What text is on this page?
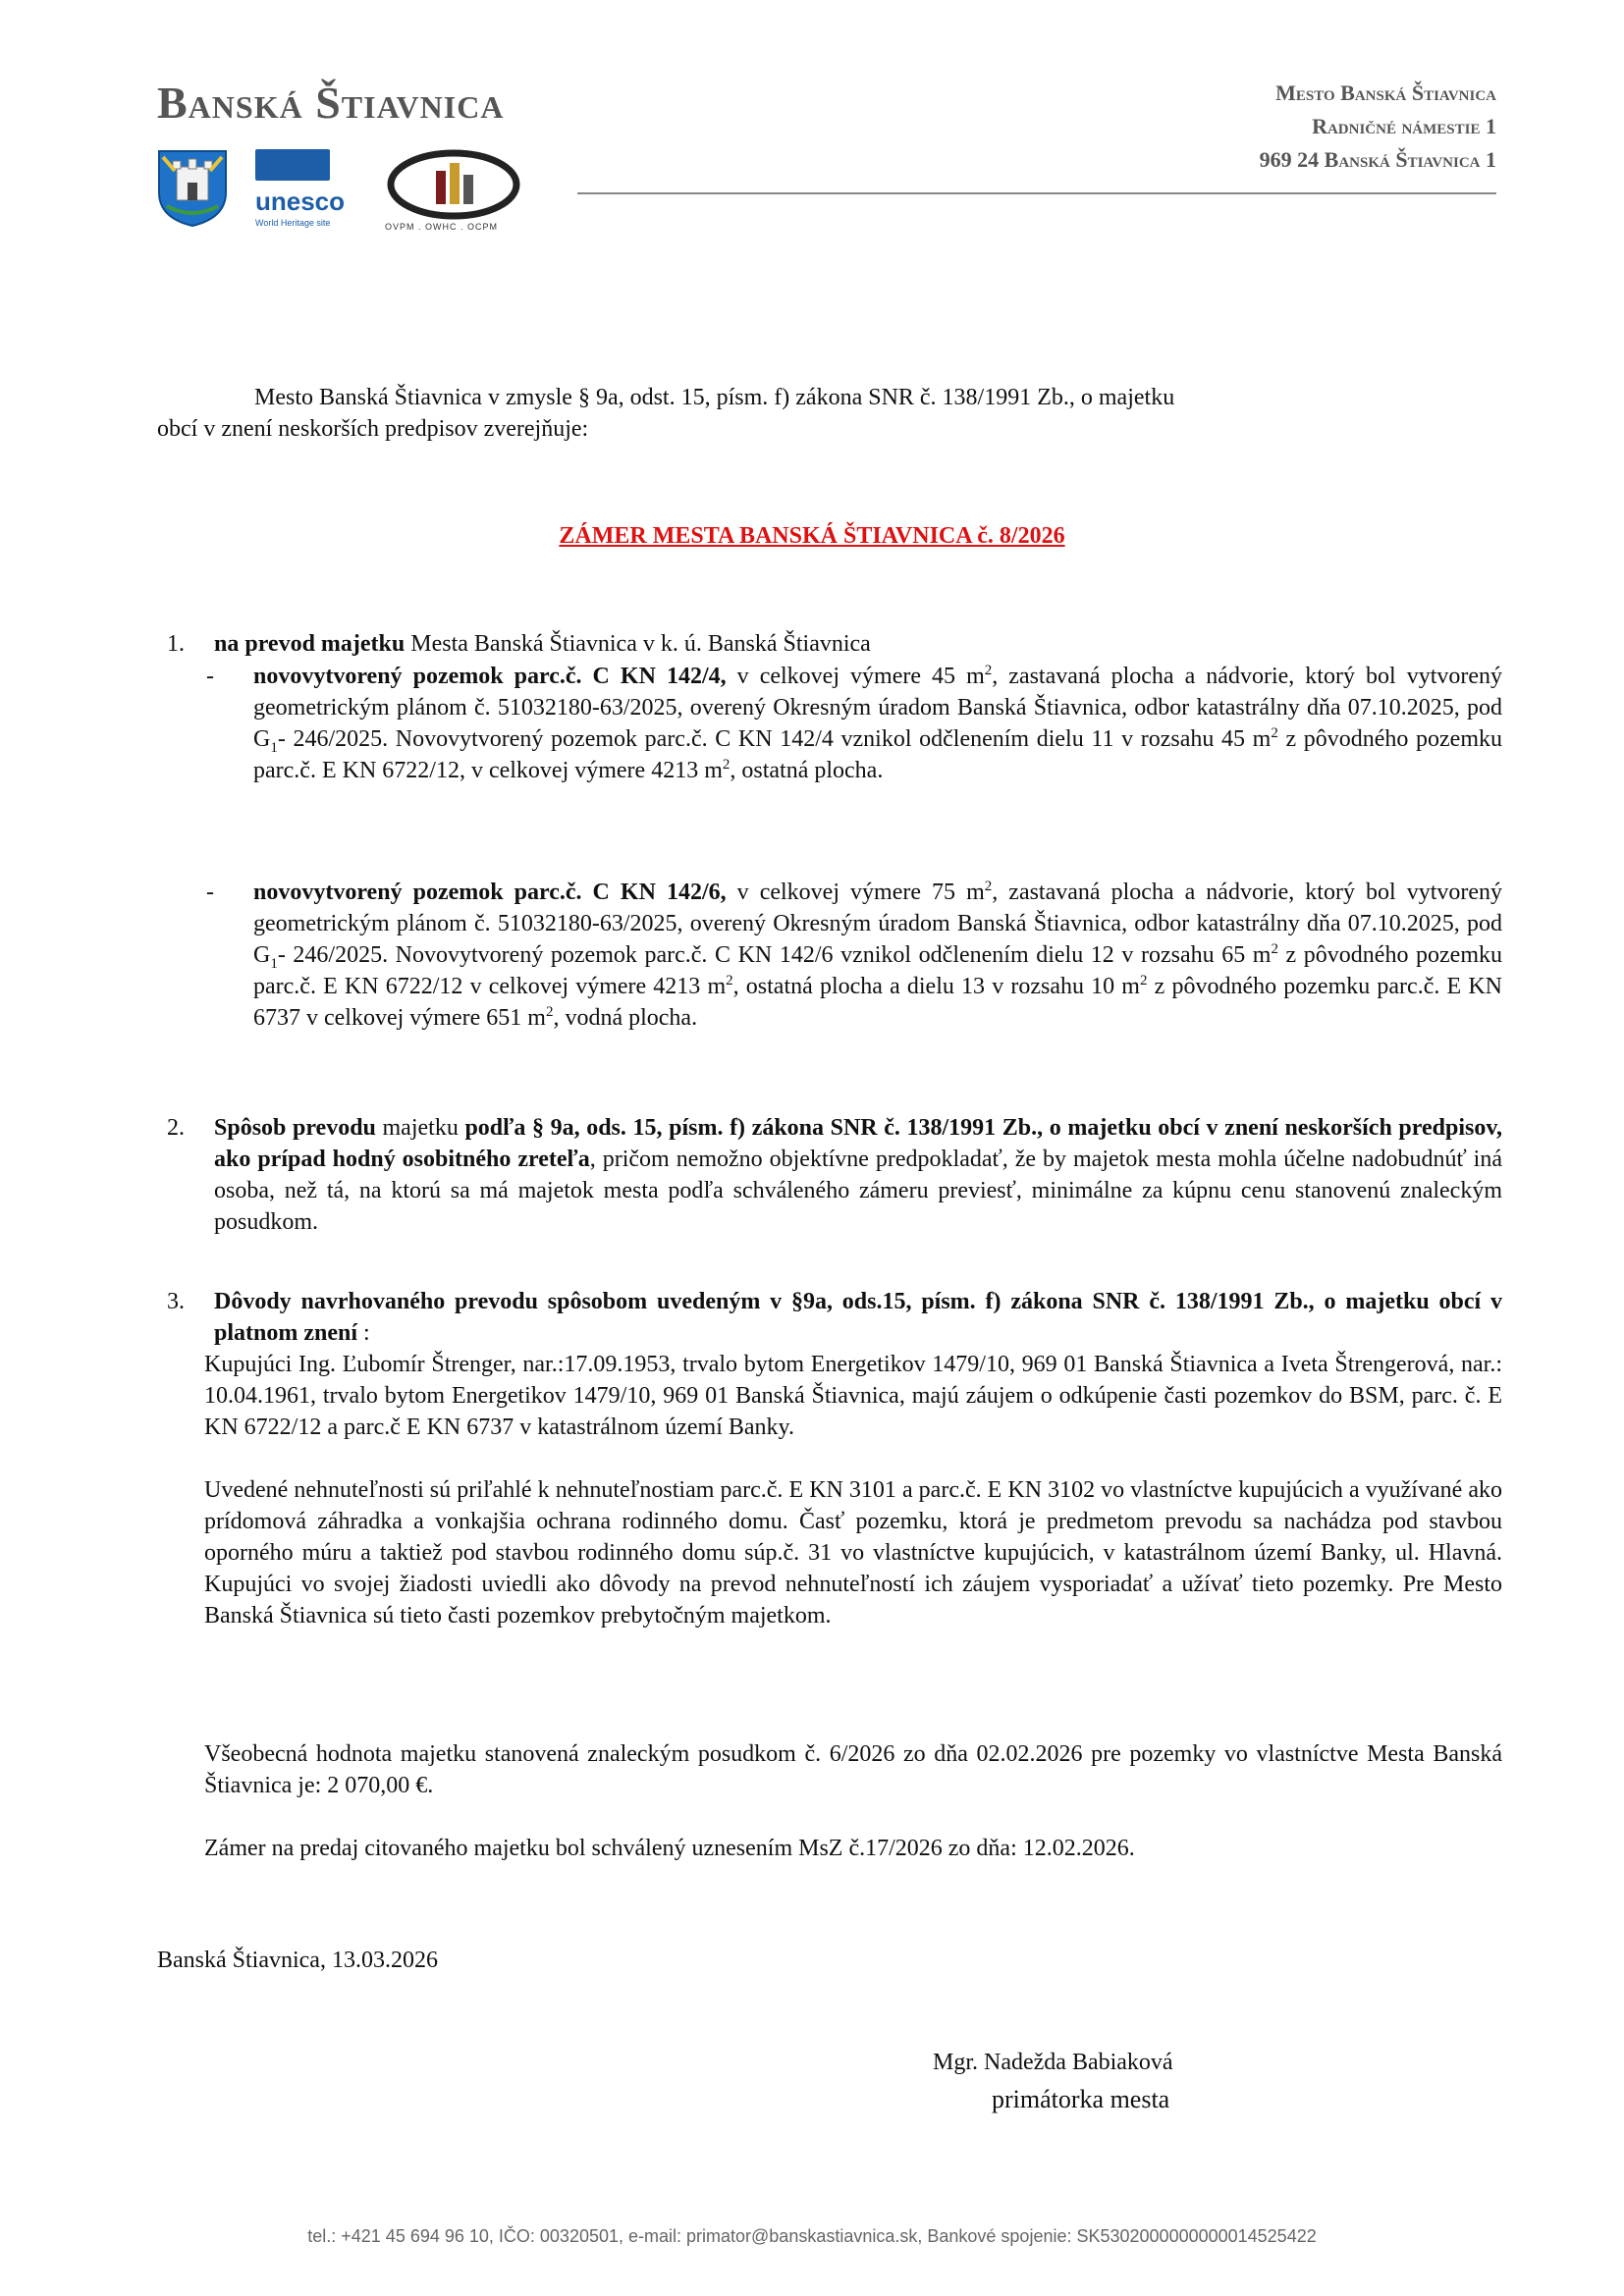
Banská Štiavnica
unesco
World Heritage site	OVPM . OWHC . OCPM
Mesto Banská Štiavnica
Radničné námestie 1
969 24 Banská Štiavnica 1
Mesto Banská Štiavnica v zmysle § 9a, odst. 15, písm. f) zákona SNR č. 138/1991 Zb., o majetku
obcí v znení neskorších predpisov zverejňuje:
ZÁMER MESTA BANSKÁ ŠTIAVNICA č. 8/2026
1. na prevod majetku Mesta Banská Štiavnica v k. ú. Banská Štiavnica
- novovytvorený pozemok parc.č. C KN 142/4, v celkovej výmere 45 $m^2$, zastavaná plocha a nádvorie, ktorý bol vytvorený geometrickým plánom č. 51032180-63/2025, overený Okresným úradom Banská Štiavnica, odbor katastrálny dňa 07.10.2025, pod $G_1-$ 246/2025. Novovytvorený pozemok parc.č. C KN 142/4 vznikol odčlenením dielu 11 v rozsahu 45 $m^2$ z pôvodného pozemku parc.č. E KN 6722/12, v celkovej výmere 4213 $m^2$, ostatná plocha.
- novovytvorený pozemok parc.č. C KN 142/6, v celkovej výmere 75 $m^2$, zastavaná plocha a nádvorie, ktorý bol vytvorený geometrickým plánom č. 51032180-63/2025, overený Okresným úradom Banská Štiavnica, odbor katastrálny dňa 07.10.2025, pod $G_1-$ 246/2025. Novovytvorený pozemok parc.č. C KN 142/6 vznikol odčlenením dielu 12 v rozsahu 65 $m^2$ z pôvodného pozemku parc.č. E KN 6722/12 v celkovej výmere 4213 $m^2$, ostatná plocha a dielu 13 v rozsahu 10 $m^2$ z pôvodného pozemku parc.č. E KN 6737 v celkovej výmere 651 $m^2$, vodná plocha.
2. Spôsob prevodu majetku podľa § 9a, ods. 15, písm. f) zákona SNR č. 138/1991 Zb., o majetku obcí v znení neskorších predpisov, ako prípad hodný osobitného zreteľa, pričom nemožno objektívne predpokladať, že by majetok mesta mohla účelne nadobudnúť iná osoba, než tá, na ktorú sa má majetok mesta podľa schváleného zámeru previesť, minimálne za kúpnu cenu stanovenú znaleckým posudkom.
3. Dôvody navrhovaného prevodu spôsobom uvedeným v §9a, ods.15, písm. f) zákona SNR č. 138/1991 Zb., o majetku obcí v platnom znení :
Kupujúci Ing. Ľubomír Štrenger, nar.:17.09.1953, trvalo bytom Energetikov 1479/10, 969 01 Banská Štiavnica a Iveta Štrengerová, nar.: 10.04.1961, trvalo bytom Energetikov 1479/10, 969 01 Banská Štiavnica, majú záujem o odkúpenie časti pozemkov do BSM, parc. č. E KN 6722/12 a parc.č E KN 6737 v katastrálnom území Banky.
Uvedené nehnuteľnosti sú priľahlé k nehnuteľnostiam parc.č. E KN 3101 a parc.č. E KN 3102 vo vlastníctve kupujúcich a využívané ako prídomová záhradka a vonkajšia ochrana rodinného domu. Časť pozemku, ktorá je predmetom prevodu sa nachádza pod stavbou oporného múru a taktiež pod stavbou rodinného domu súp.č. 31 vo vlastníctve kupujúcich, v katastrálnom území Banky, ul. Hlavná. Kupujúci vo svojej žiadosti uviedli ako dôvody na prevod nehnuteľností ich záujem vysporiadať a užívať tieto pozemky. Pre Mesto Banská Štiavnica sú tieto časti pozemkov prebytočným majetkom.
Všeobecná hodnota majetku stanovená znaleckým posudkom č. 6/2026 zo dňa 02.02.2026 pre pozemky vo vlastníctve Mesta Banská Štiavnica je: 2 070,00 €.
Zámer na predaj citovaného majetku bol schválený uznesením MsZ č.17/2026 zo dňa: 12.02.2026.
Banská Štiavnica, 13.03.2026
Mgr. Nadežda Babiaková
primátorka mesta
tel.: +421 45 694 96 10, IČO: 00320501, e-mail: primator@banskastiavnica.sk, Bankové spojenie: SK5302000000000014525422
